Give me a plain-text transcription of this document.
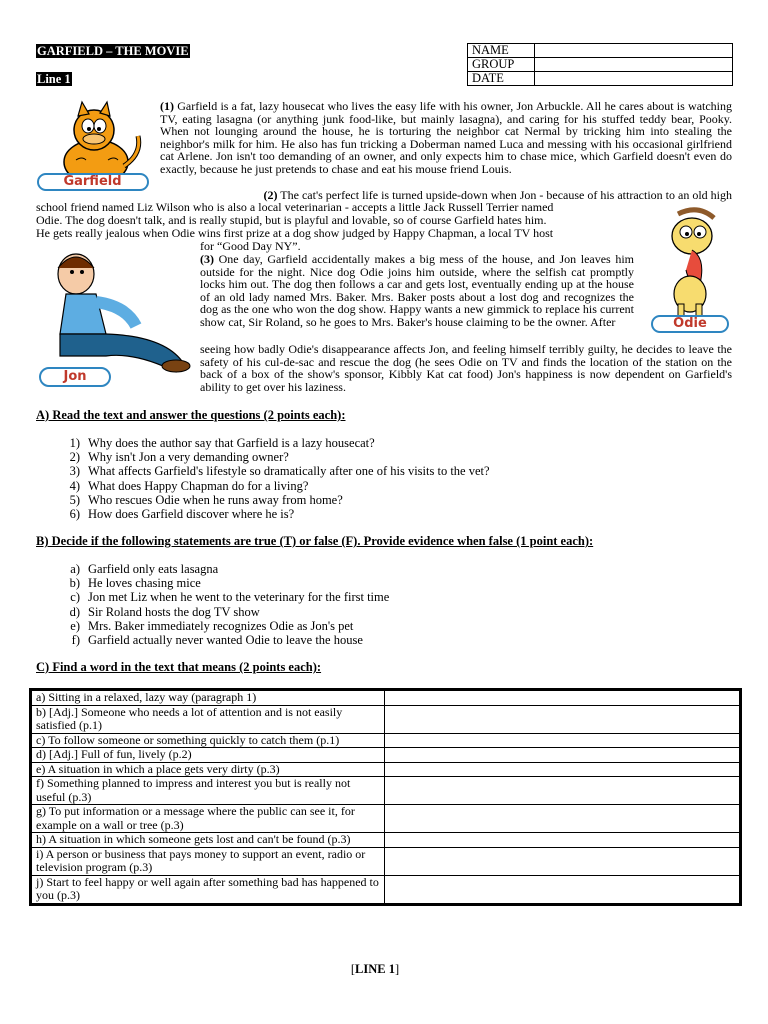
GARFIELD – THE MOVIE
Line 1
NAME	
GROUP	
DATE	
Garfield
Odie
Jon
(1) Garfield is a fat, lazy housecat who lives the easy life with his owner, Jon Arbuckle. All he cares about is watching TV, eating lasagna (or anything junk food-like, but mainly lasagna), and caring for his stuffed teddy bear, Pooky. When not lounging around the house, he is torturing the neighbor cat Nermal by tricking him into stealing the neighbor's milk for him. He also has fun tricking a Doberman named Luca and messing with his occasional girlfriend cat Arlene. Jon isn't too demanding of an owner, and only expects him to chase mice, which Garfield doesn't even do exactly, because he just pretends to chase and eat his mouse friend Louis.
(2) The cat's perfect life is turned upside-down when Jon - because of his attraction to an old high
school friend named Liz Wilson who is also a local veterinarian - accepts a little Jack Russell Terrier named
Odie. The dog doesn't talk, and is really stupid, but is playful and lovable, so of course Garfield hates him.
He gets really jealous when Odie wins first prize at a dog show judged by Happy Chapman, a local TV host
for “Good Day NY”.
(3) One day, Garfield accidentally makes a big mess of the house, and Jon leaves him outside for the night. Nice dog Odie joins him outside, where the selfish cat promptly locks him out. The dog then follows a car and gets lost, eventually ending up at the house of an old lady named Mrs. Baker. Mrs. Baker posts about a lost dog and recognizes the dog as the one who won the dog show. Happy wants a new gimmick to replace his current show cat, Sir Roland, so he goes to Mrs. Baker's house claiming to be the owner. After
seeing how badly Odie's disappearance affects Jon, and feeling himself terribly guilty, he decides to leave the safety of his cul-de-sac and rescue the dog (he sees Odie on TV and finds the location of the station on the back of a box of the show's sponsor, Kibbly Kat cat food) Jon's happiness is now dependent on Garfield's ability to get over his laziness.
A) Read the text and answer the questions (2 points each):
1) Why does the author say that Garfield is a lazy housecat?
2) Why isn't Jon a very demanding owner?
3) What affects Garfield's lifestyle so dramatically after one of his visits to the vet?
4) What does Happy Chapman do for a living?
5) Who rescues Odie when he runs away from home?
6) How does Garfield discover where he is?
B) Decide if the following statements are true (T) or false (F). Provide evidence when false (1 point each):
a) Garfield only eats lasagna
b) He loves chasing mice
c) Jon met Liz when he went to the veterinary for the first time
d) Sir Roland hosts the dog TV show
e) Mrs. Baker immediately recognizes Odie as Jon's pet
f) Garfield actually never wanted Odie to leave the house
C) Find a word in the text that means (2 points each):
a) Sitting in a relaxed, lazy way (paragraph 1)	
b) [Adj.] Someone who needs a lot of attention and is not easily satisfied (p.1)	
c) To follow someone or something quickly to catch them (p.1)	
d) [Adj.] Full of fun, lively (p.2)	
e) A situation in which a place gets very dirty (p.3)	
f) Something planned to impress and interest you but is really not useful (p.3)	
g) To put information or a message where the public can see it, for example on a wall or tree (p.3)	
h) A situation in which someone gets lost and can't be found (p.3)	
i) A person or business that pays money to support an event, radio or television program (p.3)	
j) Start to feel happy or well again after something bad has happened to you (p.3)	
[LINE 1]
